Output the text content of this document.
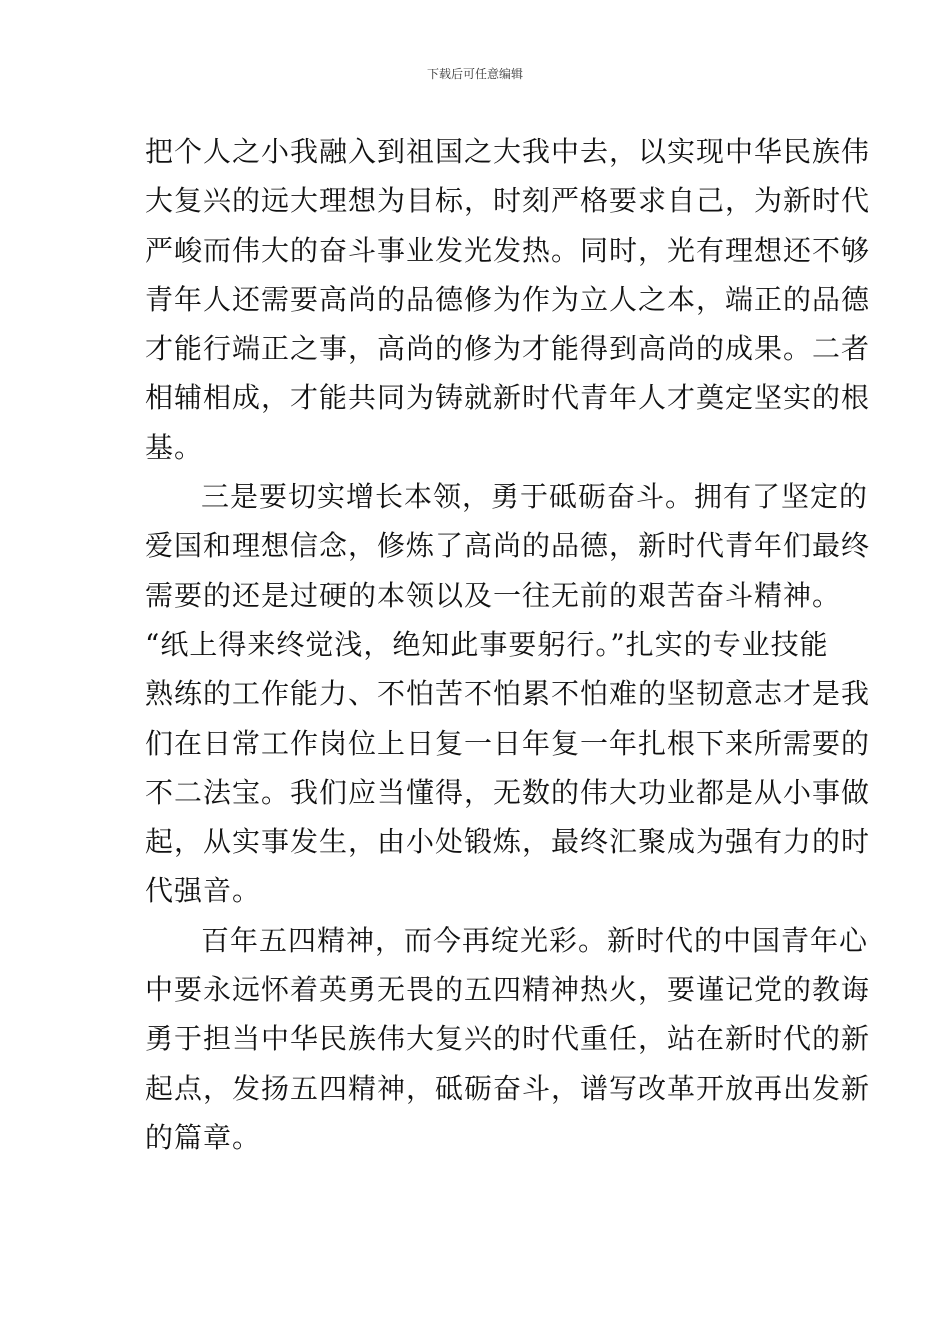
下载后可任意编辑
把个人之小我融入到祖国之大我中去，以实现中华民族伟
大复兴的远大理想为目标，时刻严格要求自己，为新时代
严峻而伟大的奋斗事业发光发热。同时，光有理想还不够
青年人还需要高尚的品德修为作为立人之本，端正的品德
才能行端正之事，高尚的修为才能得到高尚的成果。二者
相辅相成，才能共同为铸就新时代青年人才奠定坚实的根
基。
三是要切实增长本领，勇于砥砺奋斗。拥有了坚定的
爱国和理想信念，修炼了高尚的品德，新时代青年们最终
需要的还是过硬的本领以及一往无前的艰苦奋斗精神。
“纸上得来终觉浅，绝知此事要躬行。”扎实的专业技能
熟练的工作能力、不怕苦不怕累不怕难的坚韧意志才是我
们在日常工作岗位上日复一日年复一年扎根下来所需要的
不二法宝。我们应当懂得，无数的伟大功业都是从小事做
起，从实事发生，由小处锻炼，最终汇聚成为强有力的时
代强音。
百年五四精神，而今再绽光彩。新时代的中国青年心
中要永远怀着英勇无畏的五四精神热火，要谨记党的教诲
勇于担当中华民族伟大复兴的时代重任，站在新时代的新
起点，发扬五四精神，砥砺奋斗，谱写改革开放再出发新
的篇章。
